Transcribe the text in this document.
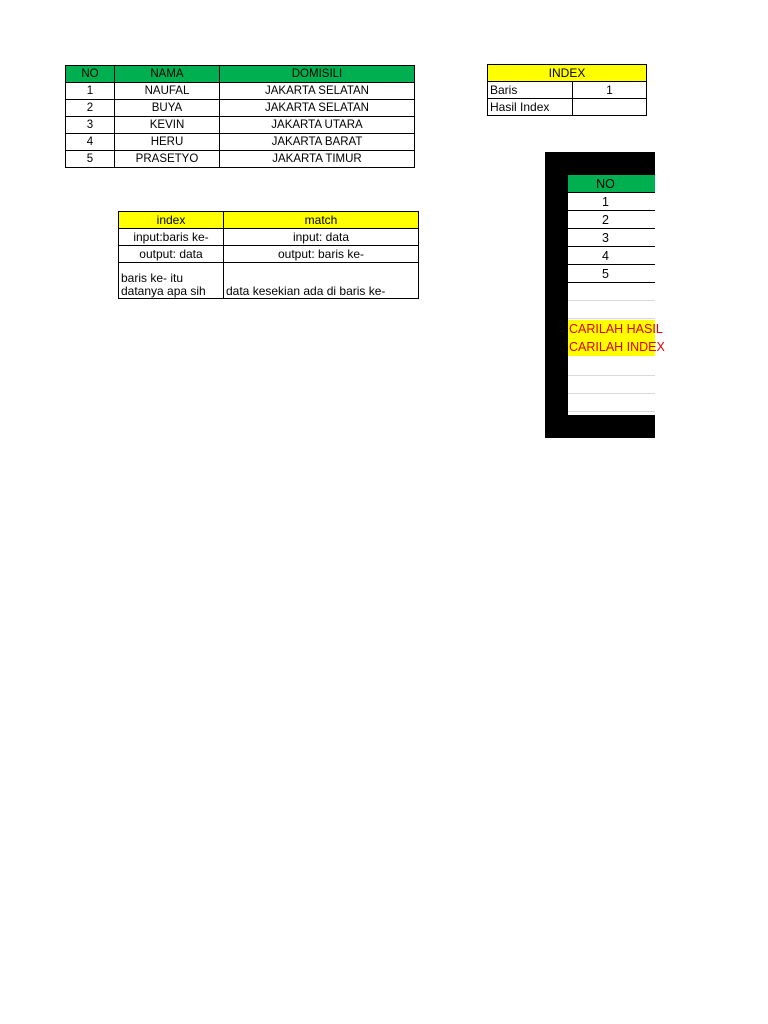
NO	NAMA	DOMISILI
1	NAUFAL	JAKARTA SELATAN
2	BUYA	JAKARTA SELATAN
3	KEVIN	JAKARTA UTARA
4	HERU	JAKARTA BARAT
5	PRASETYO	JAKARTA TIMUR
INDEX	
Baris	1
Hasil Index	
index	match
input:baris ke-	input: data
output: data	output: baris ke-
baris ke- itu datanya apa sih	data kesekian ada di baris ke-
NO
1
2
3
4
5
CARILAH HASIL
CARILAH INDEX
